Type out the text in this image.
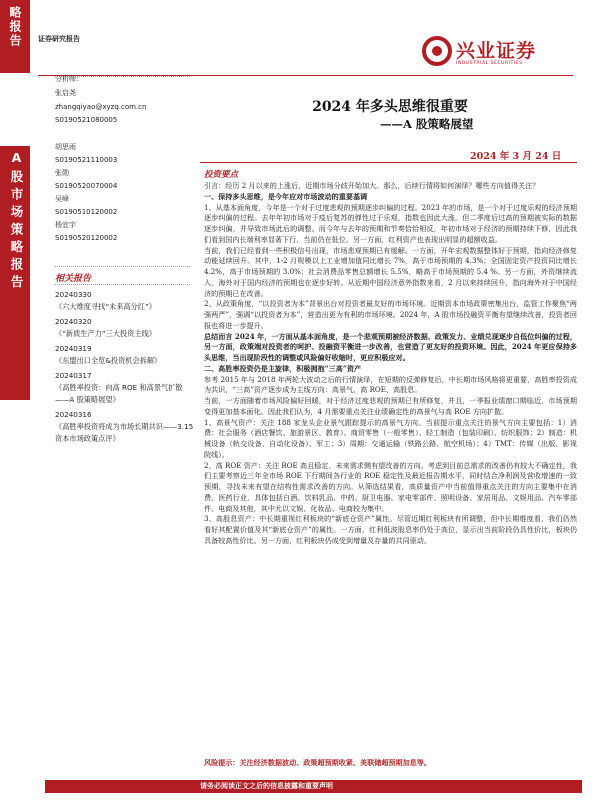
略报告
A股市场策略报告
证券研究报告
兴业证券
INDUSTRIAL SECURITIES
分析师:
张启尧
zhangqiyao@xyzq.com.cn
S0190521080005
胡思雨
S0190521110003
张勋
S0190520070004
吴峰
S0190510120002
杨宜宇
S0190520120002
相关报告
20240330
《六大维度寻找“未来高分红”》
20240320
《“新质生产力”三大投资主线》
20240319
《东盟出口全览&投资机会拆解》
20240317
《高胜率投资：向高 ROE 和高景气扩散——A 股策略展望》
20240316
《高胜率投资将成为市场长期共识——3.15 资本市场政策点评》
2024 年多头思维很重要
——A 股策略展望
2024 年 3 月 24 日
投资要点

引言：经历 2 月以来的上涨后，近期市场分歧开始加大。那么，后续行情将如何演绎？哪些方向值得关注？

一、保持多头思维，是今年应对市场波动的重要基调

1、从基本面角度，今年是一个对于过度悲观的预期逐步纠偏的过程。2023 年的市场，是一个对于过度乐观的经济预期逐步纠偏的过程。去年年初市场对于疫后复苏的弹性过于乐观，指数也因此大涨。但二季度后过高的预期被实际的数据逐步纠偏，并导致市场此后的调整。而今年与去年的预期和节奏恰恰相反，年初市场对于经济的预期持续下修，因此我们看到国内长端利率显著下行，当前仍在低位。另一方面，红利资产也表现出明显的超额收益。

当前，我们已经看到一些积极信号出现，市场悲观预期已有缓解。一方面，开年宏观数据整体好于预期，指向经济修复动能延续回升。其中，1-2 月规模以上工业增加值同比增长 7%，高于市场预期的 4.3%；全国固定资产投资同比增长 4.2%，高于市场预期的 3.0%；社会消费品零售总额增长 5.5%，略高于市场预期的 5.4 %。另一方面，外资继续流入，海外对于国内经济的预期也在逐步好转。从近期中国经济意外指数来看，2 月以来持续回升，指向海外对于中国经济的预期已在改善。

2、从政策角度，“以投资者为本”背景出台对投资者最友好的市场环境。近期资本市场政策密集出台，监管工作聚焦“两强两严”，强调“以投资者为本”，营造出更为有利的市场环境。2024 年，A 股市场投融资平衡有望继续改善，投资者回报也将进一步提升。

总结而言 2024 年，一方面从基本面角度，是一个悲观预期被经济数据、政策发力、业绩兑现逐步自低位纠偏的过程，另一方面，政策端对投资者的呵护、投融资平衡进一步改善，也营造了更友好的投资环境。因此，2024 年更应保持多头思维，当出现阶段性的调整或风险偏好收缩时，更应积极应对。

二、高胜率投资仍是主旋律，积极拥抱“三高”资产

参考 2015 年与 2018 年两轮大波动之后的行情演绎，在短期的反弹修复后，中长期市场风格将更重要，高胜率投资成为共识，“三高”资产逐步成为主线方向：高景气、高 ROE、高股息。

当前，一方面随着市场风险偏好回暖，对于经济过度悲观的预期已有所修复，并且，一季报业绩窗口期临近，市场预期变得更加基本面化。因此我们认为，4 月需要重点关注业绩确定性的高景气与高 ROE 方向扩散。

1、高景气资产：关注 188 家龙头企业景气跟踪提示的高景气方向。当前提示重点关注的景气方向主要包括：1）消费：社会服务（酒店餐饮、旅游景区、教育）、商贸零售（一般零售）、轻工制造（包装印刷）、纺织服饰；2）制造：机械设备（轨交设备、自动化设备）、军工；3）周期：交通运输（铁路公路、航空机场）；4）TMT：传媒（出版、影视院线）。

2、高 ROE 资产：关注 ROE 高且稳定、未来需求侧有望改善的方向。考虑到目前总需求的改善仍有较大不确定性，我们主要考察近三年全市场 ROE 下行期间各行业的 ROE 稳定性及最近报告期水平，同时结合净利润及营收增速的一致预期，寻找未来有望在结构性需求改善的方向。从筛选结果看，高质量资产中当前值得重点关注的方向主要集中在消费、医药行业，具体包括白酒、饮料乳品、中药、厨卫电器、家电零部件、照明设备、家居用品、文娱用品、汽车零部件、电商及其他，其中尤以文娱、化妆品、电商较为集中。

3、高股息资产：中长期重视红利板块的“新底仓资产”属性。尽管近期红利板块有所调整，但中长期维度看，我们仍然看好其配置价值及其“新底仓资产”的属性。一方面，红利低波股息率仍处于高位，显示出当前阶段仍具性价比，板块仍具备较高性价比。另一方面，红利板块仍或受到增量及存量的共同驱动。

风险提示：关注经济数据波动、政策超预期收紧、美联储超预期加息等。
请务必阅读正文之后的信息披露和重要声明
